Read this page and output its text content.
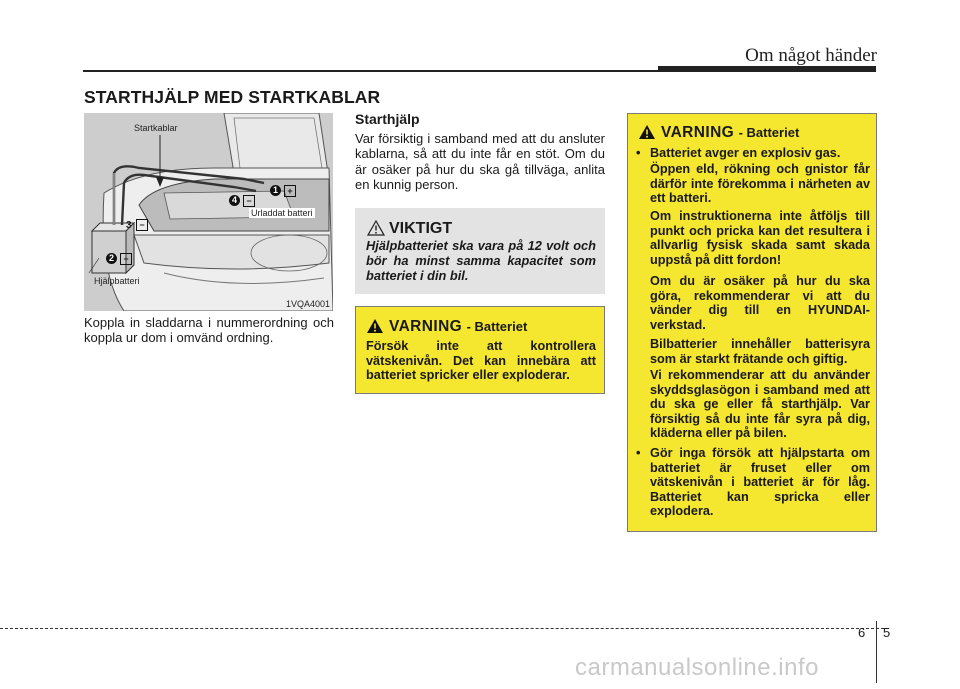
Om något händer
STARTHJÄLP MED STARTKABLAR
Startkablar
Urladdat batteri
Hjälpbatteri
1VQA4001
1	+
4	−
3 −
2	+
Koppla in sladdarna i nummerordning och koppla ur dom i omvänd ordning.
Starthjälp
Var försiktig i samband med att du ansluter kablarna, så att du inte får en stöt. Om du är osäker på hur du ska gå tillväga, anlita en kunnig person.
VIKTIGT
Hjälpbatteriet ska vara på 12 volt och bör ha minst samma kapacitet som batteriet i din bil.
VARNING - Batteriet
Försök inte att kontrollera vätskenivån. Det kan innebära att batteriet spricker eller exploderar.
VARNING - Batteriet
• Batteriet avger en explosiv gas.
Öppen eld, rökning och gnistor får därför inte förekomma i närheten av ett batteri.
Om instruktionerna inte åtföljs till punkt och pricka kan det resultera i allvarlig fysisk skada samt skada uppstå på ditt fordon!
Om du är osäker på hur du ska göra, rekommenderar vi att du vänder dig till en HYUNDAI-verkstad.
Bilbatterier innehåller batterisyra som är starkt frätande och giftig.
Vi rekommenderar att du använder skyddsglasögon i samband med att du ska ge eller få starthjälp. Var försiktig så du inte får syra på dig, kläderna eller på bilen.
• Gör inga försök att hjälpstarta om batteriet är fruset eller om vätskenivån i batteriet är för låg. Batteriet kan spricka eller explodera.
6 5
carmanualsonline.info
